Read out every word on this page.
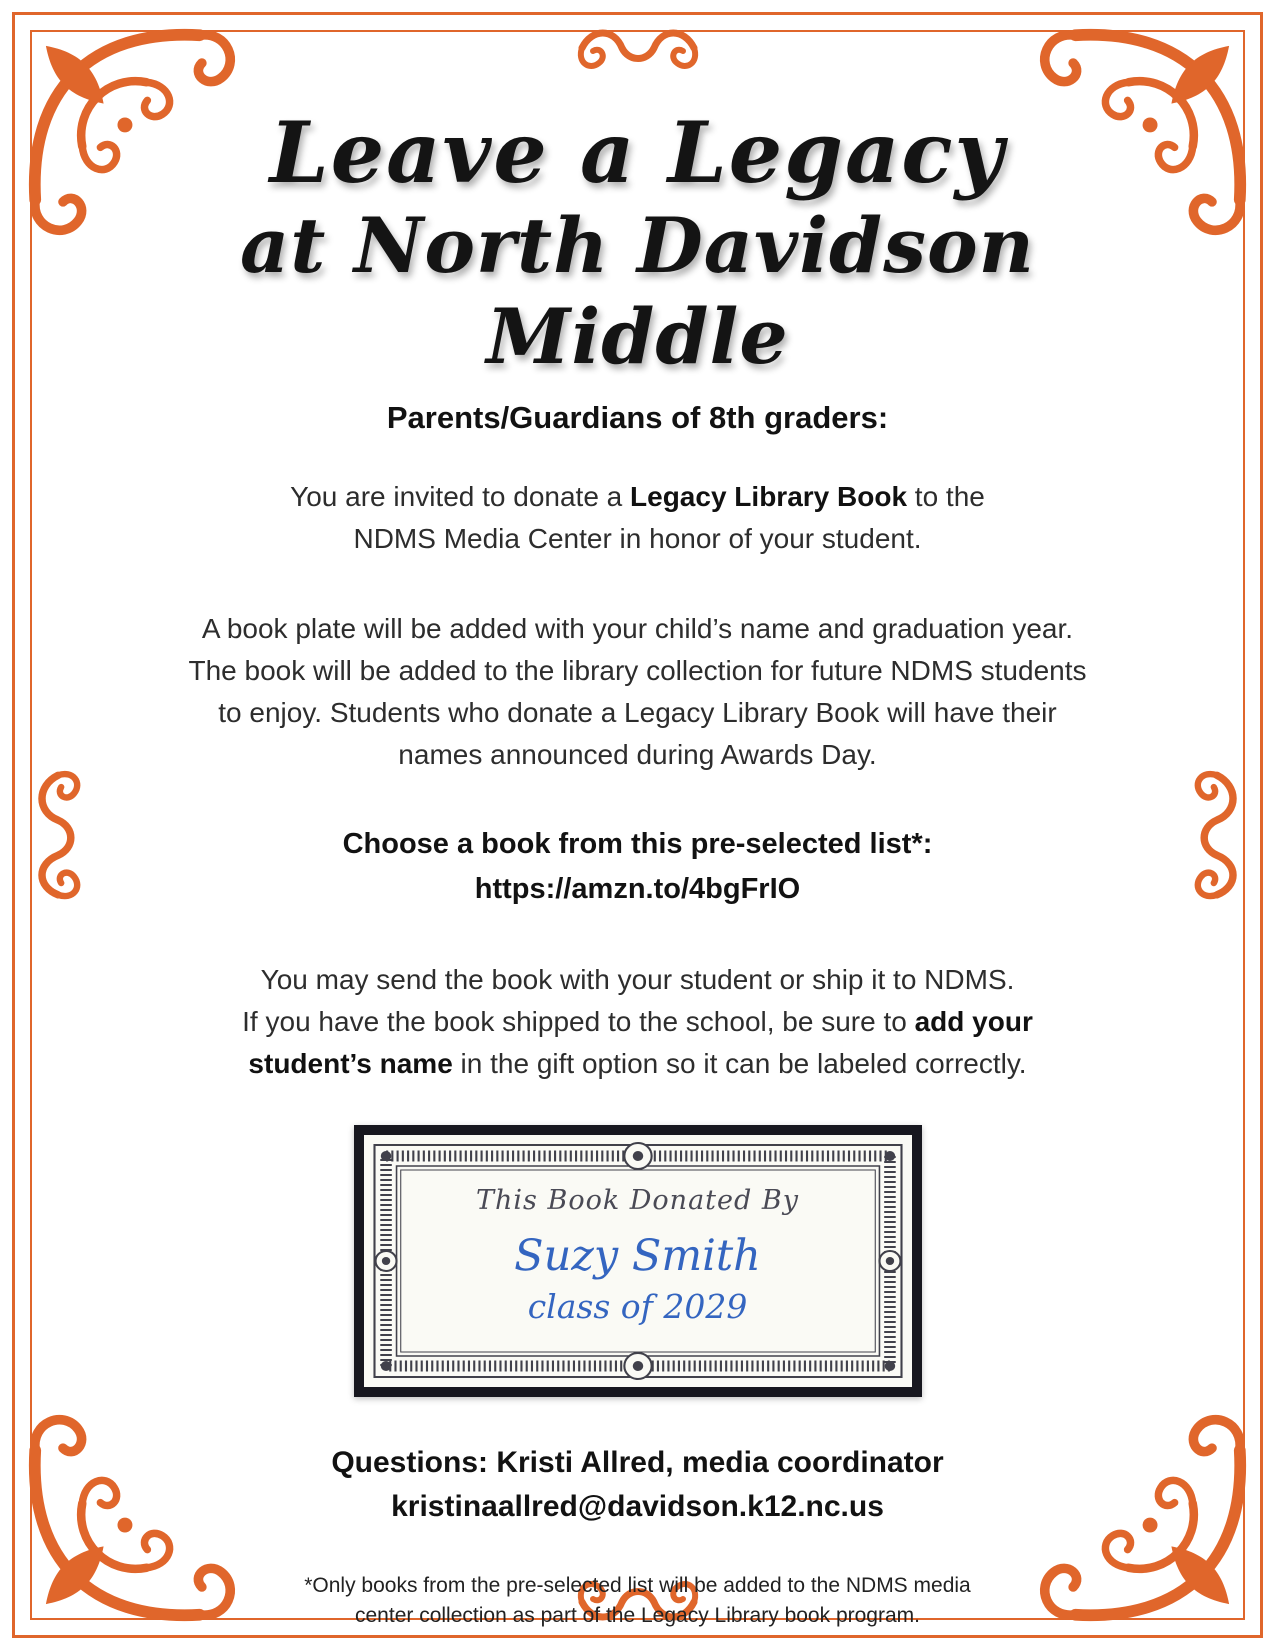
Leave a Legacy
at North Davidson Middle

Parents/Guardians of 8th graders:

You are invited to donate a Legacy Library Book to the
NDMS Media Center in honor of your student.

A book plate will be added with your child’s name and graduation year.
The book will be added to the library collection for future NDMS students
to enjoy. Students who donate a Legacy Library Book will have their
names announced during Awards Day.

Choose a book from this pre-selected list*:
https://amzn.to/4bgFrIO

You may send the book with your student or ship it to NDMS.
If you have the book shipped to the school, be sure to add your
student’s name in the gift option so it can be labeled correctly.

This Book Donated By
Suzy Smith
class of 2029

Questions: Kristi Allred, media coordinator
kristinaallred@davidson.k12.nc.us

*Only books from the pre-selected list will be added to the NDMS media
center collection as part of the Legacy Library book program.
